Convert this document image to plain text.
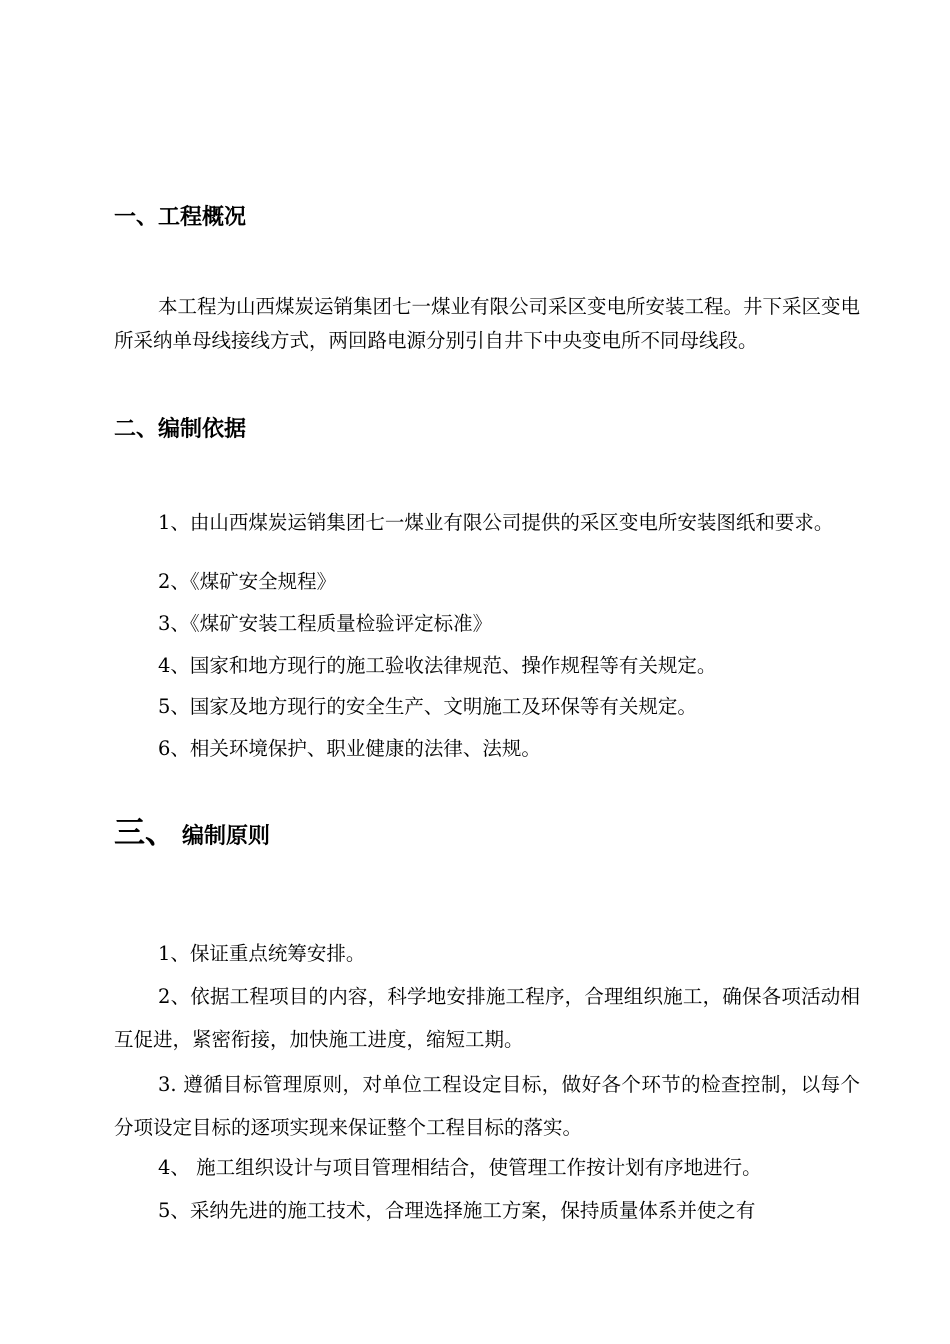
一、工程概况

本工程为山西煤炭运销集团七一煤业有限公司采区变电所安装工程。井下采区变电所采纳单母线接线方式，两回路电源分别引自井下中央变电所不同母线段。

二、编制依据

1、由山西煤炭运销集团七一煤业有限公司提供的采区变电所安装图纸和要求。

2、《煤矿安全规程》

3、《煤矿安装工程质量检验评定标准》

4、国家和地方现行的施工验收法律规范、操作规程等有关规定。

5、国家及地方现行的安全生产、文明施工及环保等有关规定。

6、相关环境保护、职业健康的法律、法规。

三、 编制原则

1、保证重点统筹安排。

2、依据工程项目的内容，科学地安排施工程序，合理组织施工，确保各项活动相互促进，紧密衔接，加快施工进度，缩短工期。

3. 遵循目标管理原则，对单位工程设定目标，做好各个环节的检查控制，以每个分项设定目标的逐项实现来保证整个工程目标的落实。

4、 施工组织设计与项目管理相结合，使管理工作按计划有序地进行。

5、采纳先进的施工技术，合理选择施工方案，保持质量体系并使之有
